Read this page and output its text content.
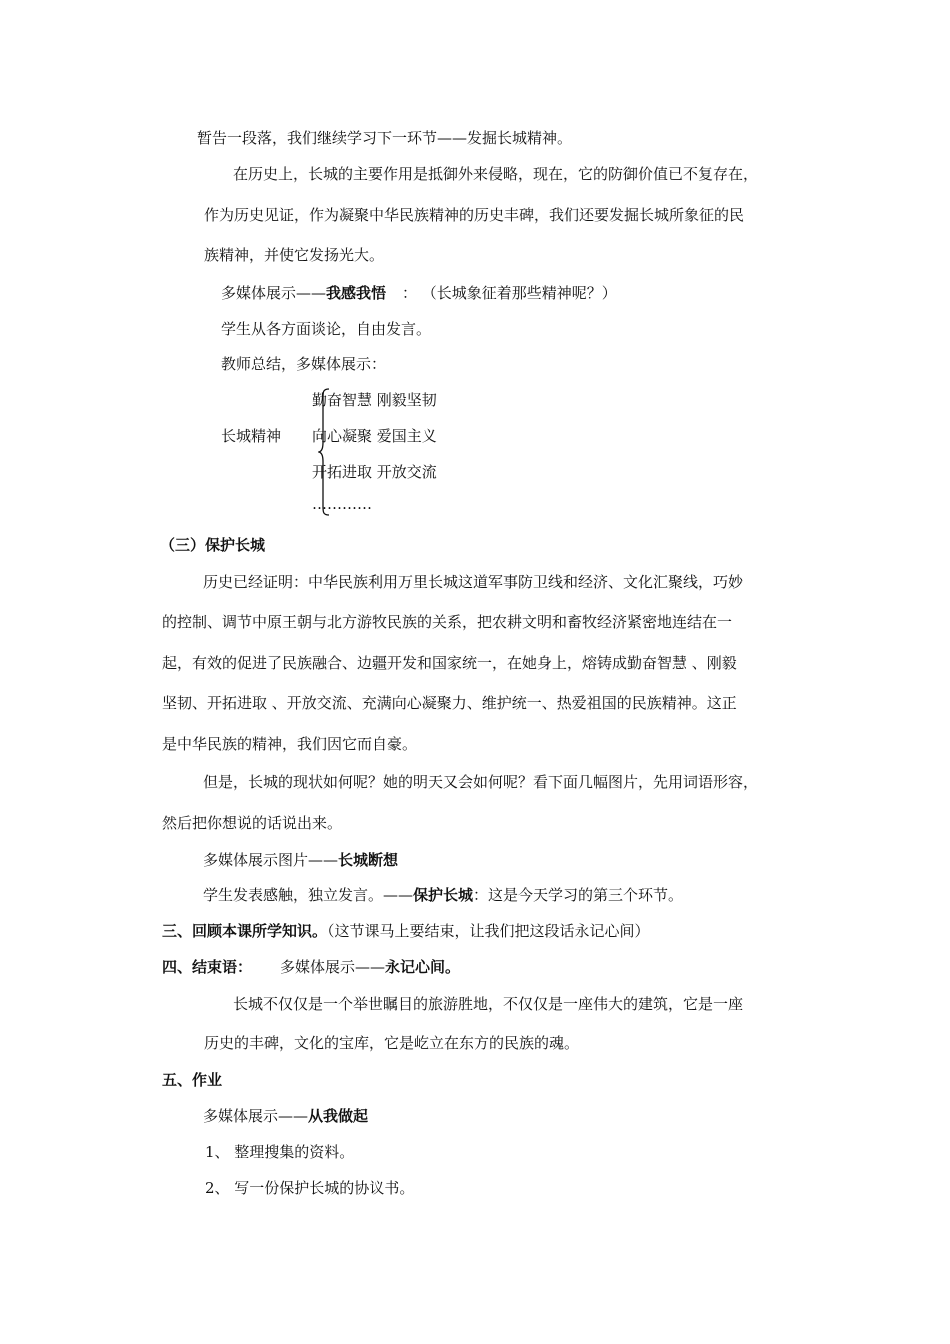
暂告一段落，我们继续学习下一环节——发掘长城精神。
在历史上，长城的主要作用是抵御外来侵略，现在，它的防御价值已不复存在，
作为历史见证，作为凝聚中华民族精神的历史丰碑，我们还要发掘长城所象征的民
族精神，并使它发扬光大。
多媒体展示——我感我悟 ： （长城象征着那些精神呢？）
学生从各方面谈论，自由发言。
教师总结，多媒体展示：
长城精神
勤奋智慧 刚毅坚韧
向心凝聚 爱国主义
开拓进取 开放交流
…………
（三）保护长城
历史已经证明：中华民族利用万里长城这道军事防卫线和经济、文化汇聚线，巧妙
的控制、调节中原王朝与北方游牧民族的关系，把农耕文明和畜牧经济紧密地连结在一
起，有效的促进了民族融合、边疆开发和国家统一，在她身上，熔铸成勤奋智慧 、刚毅
坚韧、开拓进取 、开放交流、充满向心凝聚力、维护统一、热爱祖国的民族精神。这正
是中华民族的精神，我们因它而自豪。
但是，长城的现状如何呢？她的明天又会如何呢？看下面几幅图片，先用词语形容，
然后把你想说的话说出来。
多媒体展示图片——长城断想
学生发表感触，独立发言。——保护长城：这是今天学习的第三个环节。
三、回顾本课所学知识。（这节课马上要结束，让我们把这段话永记心间）
四、结束语： 多媒体展示——永记心间。
长城不仅仅是一个举世瞩目的旅游胜地，不仅仅是一座伟大的建筑，它是一座
历史的丰碑，文化的宝库，它是屹立在东方的民族的魂。
五、作业
多媒体展示——从我做起
1、 整理搜集的资料。
2、 写一份保护长城的协议书。
